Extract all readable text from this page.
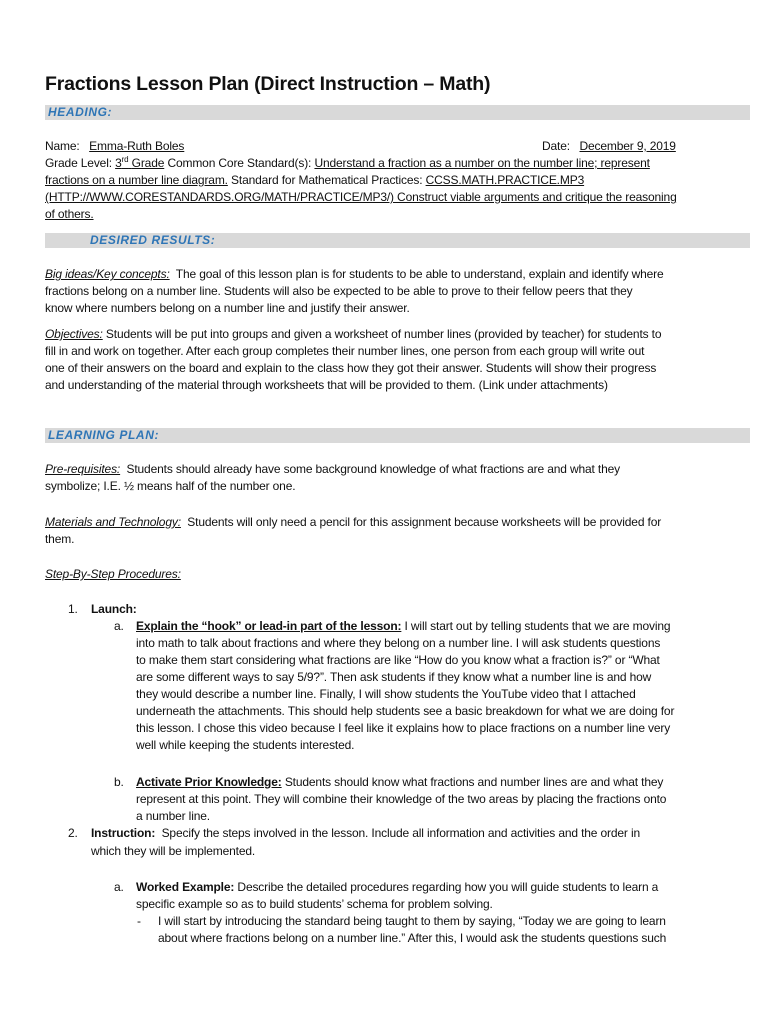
Fractions Lesson Plan (Direct Instruction – Math)
HEADING:
Name: Emma-Ruth Boles	Date: December 9, 2019
Grade Level: 3rd Grade Common Core Standard(s): Understand a fraction as a number on the number line; represent
fractions on a number line diagram. Standard for Mathematical Practices: CCSS.MATH.PRACTICE.MP3
(HTTP://WWW.CORESTANDARDS.ORG/MATH/PRACTICE/MP3/) Construct viable arguments and critique the reasoning
of others.
DESIRED RESULTS:
Big ideas/Key concepts: The goal of this lesson plan is for students to be able to understand, explain and identify where
fractions belong on a number line. Students will also be expected to be able to prove to their fellow peers that they
know where numbers belong on a number line and justify their answer.
Objectives: Students will be put into groups and given a worksheet of number lines (provided by teacher) for students to
fill in and work on together. After each group completes their number lines, one person from each group will write out
one of their answers on the board and explain to the class how they got their answer. Students will show their progress
and understanding of the material through worksheets that will be provided to them. (Link under attachments)
LEARNING PLAN:
Pre-requisites: Students should already have some background knowledge of what fractions are and what they
symbolize; I.E. ½ means half of the number one.
Materials and Technology: Students will only need a pencil for this assignment because worksheets will be provided for
them.
Step-By-Step Procedures:
1. Launch:
a. Explain the “hook” or lead-in part of the lesson: I will start out by telling students that we are moving
into math to talk about fractions and where they belong on a number line. I will ask students questions
to make them start considering what fractions are like “How do you know what a fraction is?” or “What
are some different ways to say 5/9?”. Then ask students if they know what a number line is and how
they would describe a number line. Finally, I will show students the YouTube video that I attached
underneath the attachments. This should help students see a basic breakdown for what we are doing for
this lesson. I chose this video because I feel like it explains how to place fractions on a number line very
well while keeping the students interested.
b. Activate Prior Knowledge: Students should know what fractions and number lines are and what they
represent at this point. They will combine their knowledge of the two areas by placing the fractions onto
a number line.
2. Instruction: Specify the steps involved in the lesson. Include all information and activities and the order in
which they will be implemented.
a. Worked Example: Describe the detailed procedures regarding how you will guide students to learn a
specific example so as to build students’ schema for problem solving.
- I will start by introducing the standard being taught to them by saying, “Today we are going to learn
about where fractions belong on a number line.” After this, I would ask the students questions such
